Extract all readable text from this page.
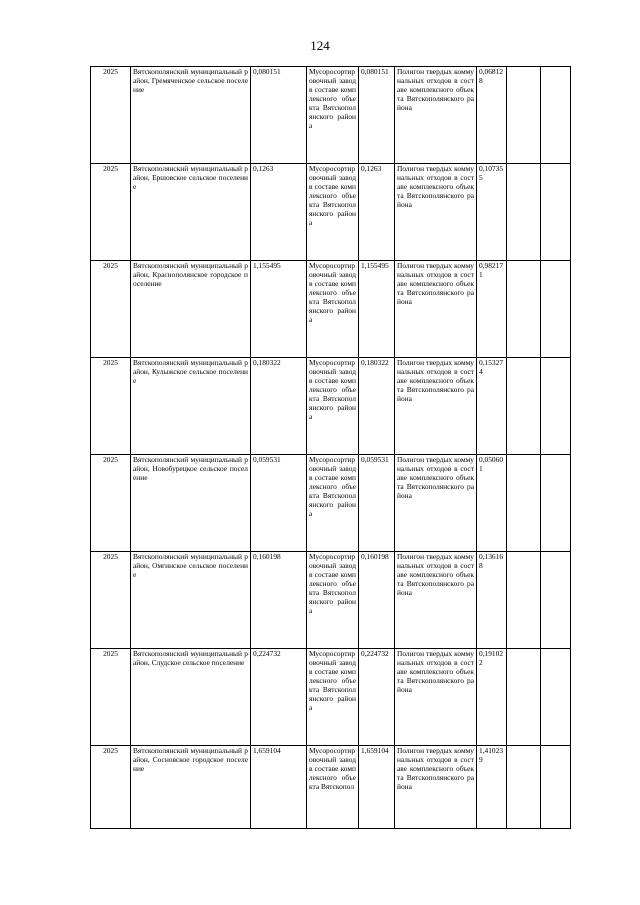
124
2025	Вятскополянский муниципальный район, Гремяченское сельское поселение	0,080151	Мусоросортировочный завод в составе комплексного объекта Вятскополянского района	0,080151	Полигон твердых коммунальных отходов в составе комплексного объекта Вятскополянского района	0,068128		
2025	Вятскополянский муниципальный район, Ершовское сельское поселение	0,1263	Мусоросортировочный завод в составе комплексного объекта Вятскополянского района	0,1263	Полигон твердых коммунальных отходов в составе комплексного объекта Вятскополянского района	0,107355		
2025	Вятскополянский муниципальный район, Краснополянское городское поселение	1,155495	Мусоросортировочный завод в составе комплексного объекта Вятскополянского района	1,155495	Полигон твердых коммунальных отходов в составе комплексного объекта Вятскополянского района	0,982171		
2025	Вятскополянский муниципальный район, Кулыжское сельское поселение	0,180322	Мусоросортировочный завод в составе комплексного объекта Вятскополянского района	0,180322	Полигон твердых коммунальных отходов в составе комплексного объекта Вятскополянского района	0,153274		
2025	Вятскополянский муниципальный район, Новобурецкое сельское поселение	0,059531	Мусоросортировочный завод в составе комплексного объекта Вятскополянского района	0,059531	Полигон твердых коммунальных отходов в составе комплексного объекта Вятскополянского района	0,050601		
2025	Вятскополянский муниципальный район, Омгинское сельское поселение	0,160198	Мусоросортировочный завод в составе комплексного объекта Вятскополянского района	0,160198	Полигон твердых коммунальных отходов в составе комплексного объекта Вятскополянского района	0,136168		
2025	Вятскополянский муниципальный район, Слудское сельское поселение	0,224732	Мусоросортировочный завод в составе комплексного объекта Вятскополянского района	0,224732	Полигон твердых коммунальных отходов в составе комплексного объекта Вятскополянского района	0,191022		
2025	Вятскополянский муниципальный район, Сосновское городское поселение	1,659104	Мусоросортировочный завод в составе комплексного объекта Вятскопол	1,659104	Полигон твердых коммунальных отходов в составе комплексного объекта Вятскополянского района	1,410239		
